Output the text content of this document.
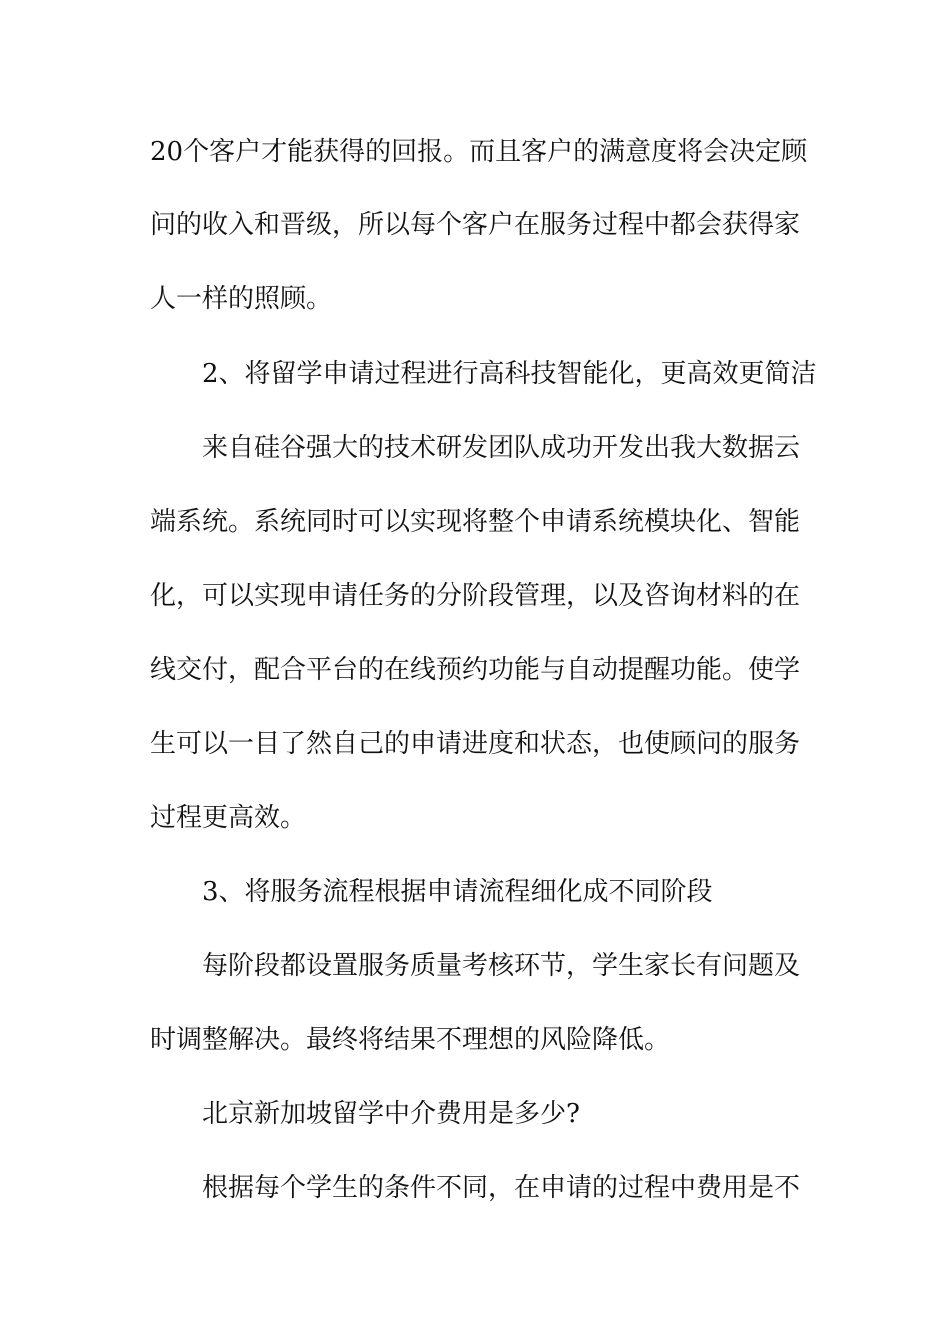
20个客户才能获得的回报。而且客户的满意度将会决定顾

问的收入和晋级，所以每个客户在服务过程中都会获得家

人一样的照顾。

2、将留学申请过程进行高科技智能化，更高效更简洁

来自硅谷强大的技术研发团队成功开发出我大数据云

端系统。系统同时可以实现将整个申请系统模块化、智能

化，可以实现申请任务的分阶段管理，以及咨询材料的在

线交付，配合平台的在线预约功能与自动提醒功能。使学

生可以一目了然自己的申请进度和状态，也使顾问的服务

过程更高效。

3、将服务流程根据申请流程细化成不同阶段

每阶段都设置服务质量考核环节，学生家长有问题及

时调整解决。最终将结果不理想的风险降低。

北京新加坡留学中介费用是多少?

根据每个学生的条件不同，在申请的过程中费用是不
